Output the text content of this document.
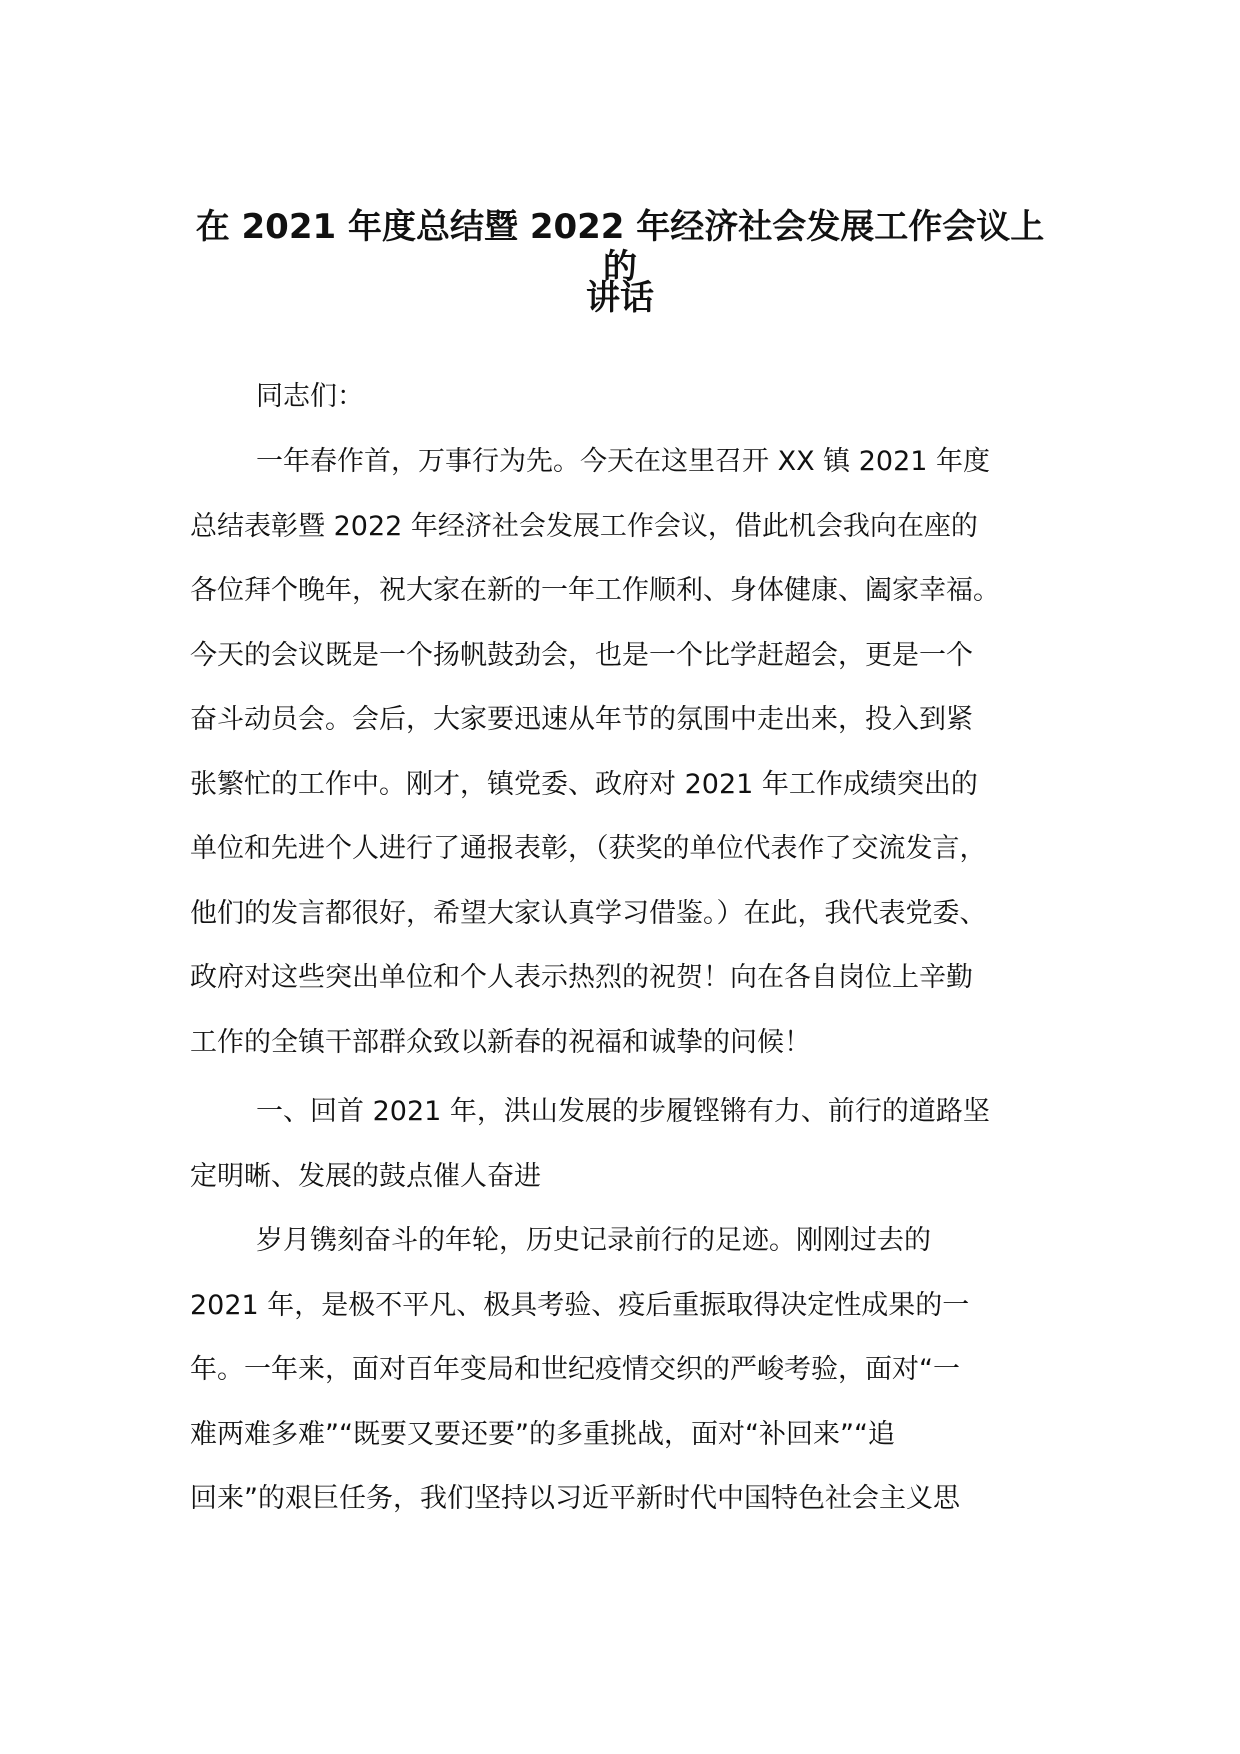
在 2021 年度总结暨 2022 年经济社会发展工作会议上的
讲话

同志们：

一年春作首，万事行为先。今天在这里召开 XX 镇 2021 年度
总结表彰暨 2022 年经济社会发展工作会议，借此机会我向在座的
各位拜个晚年，祝大家在新的一年工作顺利、身体健康、阖家幸福。
今天的会议既是一个扬帆鼓劲会，也是一个比学赶超会，更是一个
奋斗动员会。会后，大家要迅速从年节的氛围中走出来，投入到紧
张繁忙的工作中。刚才，镇党委、政府对 2021 年工作成绩突出的
单位和先进个人进行了通报表彰，（获奖的单位代表作了交流发言，
他们的发言都很好，希望大家认真学习借鉴。）在此，我代表党委、
政府对这些突出单位和个人表示热烈的祝贺！向在各自岗位上辛勤
工作的全镇干部群众致以新春的祝福和诚挚的问候！

一、回首 2021 年，洪山发展的步履铿锵有力、前行的道路坚
定明晰、发展的鼓点催人奋进

岁月镌刻奋斗的年轮，历史记录前行的足迹。刚刚过去的
2021 年，是极不平凡、极具考验、疫后重振取得决定性成果的一
年。一年来，面对百年变局和世纪疫情交织的严峻考验，面对“一
难两难多难”“既要又要还要”的多重挑战，面对“补回来”“追
回来”的艰巨任务，我们坚持以习近平新时代中国特色社会主义思
